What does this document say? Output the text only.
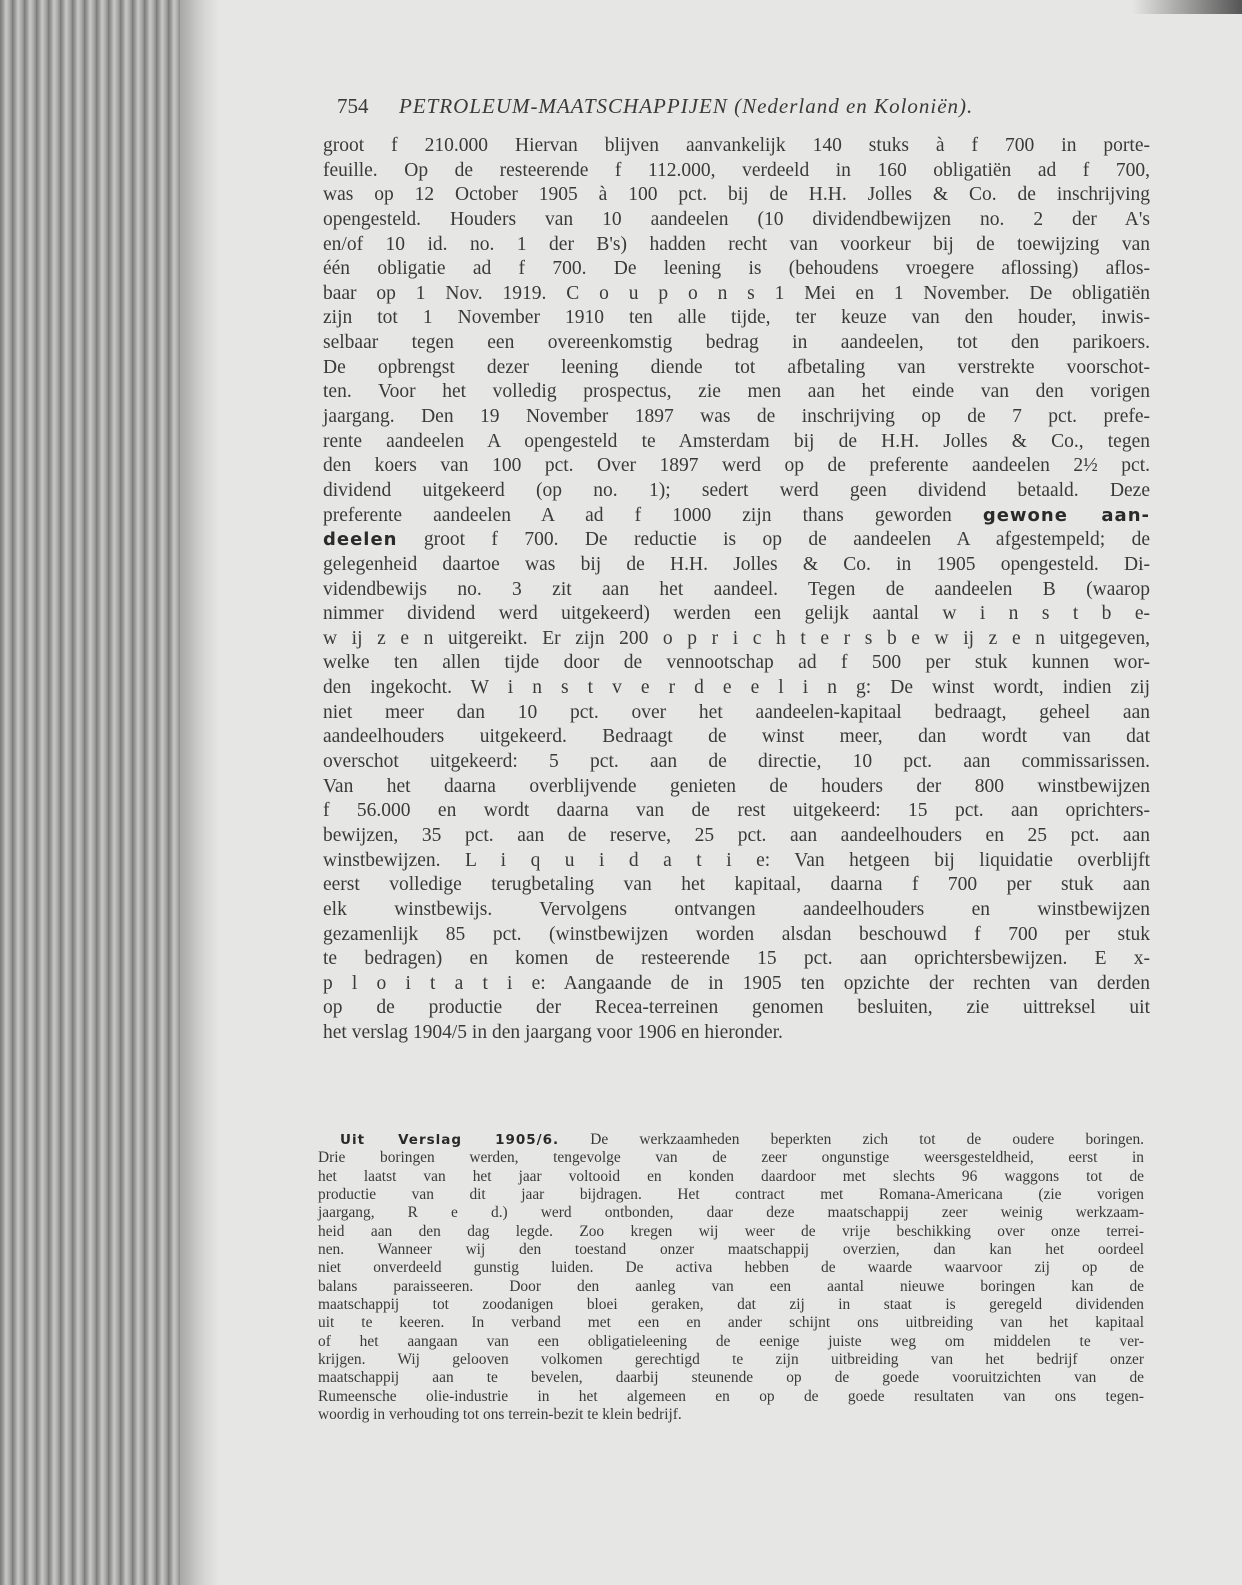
754 PETROLEUM-MAATSCHAPPIJEN (Nederland en Koloniën).
groot f 210.000 Hiervan blijven aanvankelijk 140 stuks à f 700 in porte-
feuille. Op de resteerende f 112.000, verdeeld in 160 obligatiën ad f 700,
was op 12 October 1905 à 100 pct. bij de H.H. Jolles & Co. de inschrijving
opengesteld. Houders van 10 aandeelen (10 dividendbewijzen no. 2 der A's
en/of 10 id. no. 1 der B's) hadden recht van voorkeur bij de toewijzing van
één obligatie ad f 700. De leening is (behoudens vroegere aflossing) aflos-
baar op 1 Nov. 1919. C o u p o n s 1 Mei en 1 November. De obligatiën
zijn tot 1 November 1910 ten alle tijde, ter keuze van den houder, inwis-
selbaar tegen een overeenkomstig bedrag in aandeelen, tot den parikoers.
De opbrengst dezer leening diende tot afbetaling van verstrekte voorschot-
ten. Voor het volledig prospectus, zie men aan het einde van den vorigen
jaargang. Den 19 November 1897 was de inschrijving op de 7 pct. prefe-
rente aandeelen A opengesteld te Amsterdam bij de H.H. Jolles & Co., tegen
den koers van 100 pct. Over 1897 werd op de preferente aandeelen 2½ pct.
dividend uitgekeerd (op no. 1); sedert werd geen dividend betaald. Deze
preferente aandeelen A ad f 1000 zijn thans geworden gewone aan-
deelen groot f 700. De reductie is op de aandeelen A afgestempeld; de
gelegenheid daartoe was bij de H.H. Jolles & Co. in 1905 opengesteld. Di-
videndbewijs no. 3 zit aan het aandeel. Tegen de aandeelen B (waarop
nimmer dividend werd uitgekeerd) werden een gelijk aantal w i n s t b e-
w ij z e n uitgereikt. Er zijn 200 o p r i c h t e r s b e w ij z e n uitgegeven,
welke ten allen tijde door de vennootschap ad f 500 per stuk kunnen wor-
den ingekocht. W i n s t v e r d e e l i n g: De winst wordt, indien zij
niet meer dan 10 pct. over het aandeelen-kapitaal bedraagt, geheel aan
aandeelhouders uitgekeerd. Bedraagt de winst meer, dan wordt van dat
overschot uitgekeerd: 5 pct. aan de directie, 10 pct. aan commissarissen.
Van het daarna overblijvende genieten de houders der 800 winstbewijzen
f 56.000 en wordt daarna van de rest uitgekeerd: 15 pct. aan oprichters-
bewijzen, 35 pct. aan de reserve, 25 pct. aan aandeelhouders en 25 pct. aan
winstbewijzen. L i q u i d a t i e: Van hetgeen bij liquidatie overblijft
eerst volledige terugbetaling van het kapitaal, daarna f 700 per stuk aan
elk winstbewijs. Vervolgens ontvangen aandeelhouders en winstbewijzen
gezamenlijk 85 pct. (winstbewijzen worden alsdan beschouwd f 700 per stuk
te bedragen) en komen de resteerende 15 pct. aan oprichtersbewijzen. E x-
p l o i t a t i e: Aangaande de in 1905 ten opzichte der rechten van derden
op de productie der Recea-terreinen genomen besluiten, zie uittreksel uit
het verslag 1904/5 in den jaargang voor 1906 en hieronder.
Uit Verslag 1905/6. De werkzaamheden beperkten zich tot de oudere boringen.
Drie boringen werden, tengevolge van de zeer ongunstige weersgesteldheid, eerst in
het laatst van het jaar voltooid en konden daardoor met slechts 96 waggons tot de
productie van dit jaar bijdragen. Het contract met Romana-Americana (zie vorigen
jaargang, R e d.) werd ontbonden, daar deze maatschappij zeer weinig werkzaam-
heid aan den dag legde. Zoo kregen wij weer de vrije beschikking over onze terrei-
nen. Wanneer wij den toestand onzer maatschappij overzien, dan kan het oordeel
niet onverdeeld gunstig luiden. De activa hebben de waarde waarvoor zij op de
balans paraisseeren. Door den aanleg van een aantal nieuwe boringen kan de
maatschappij tot zoodanigen bloei geraken, dat zij in staat is geregeld dividenden
uit te keeren. In verband met een en ander schijnt ons uitbreiding van het kapitaal
of het aangaan van een obligatieleening de eenige juiste weg om middelen te ver-
krijgen. Wij gelooven volkomen gerechtigd te zijn uitbreiding van het bedrijf onzer
maatschappij aan te bevelen, daarbij steunende op de goede vooruitzichten van de
Rumeensche olie-industrie in het algemeen en op de goede resultaten van ons tegen-
woordig in verhouding tot ons terrein-bezit te klein bedrijf.
